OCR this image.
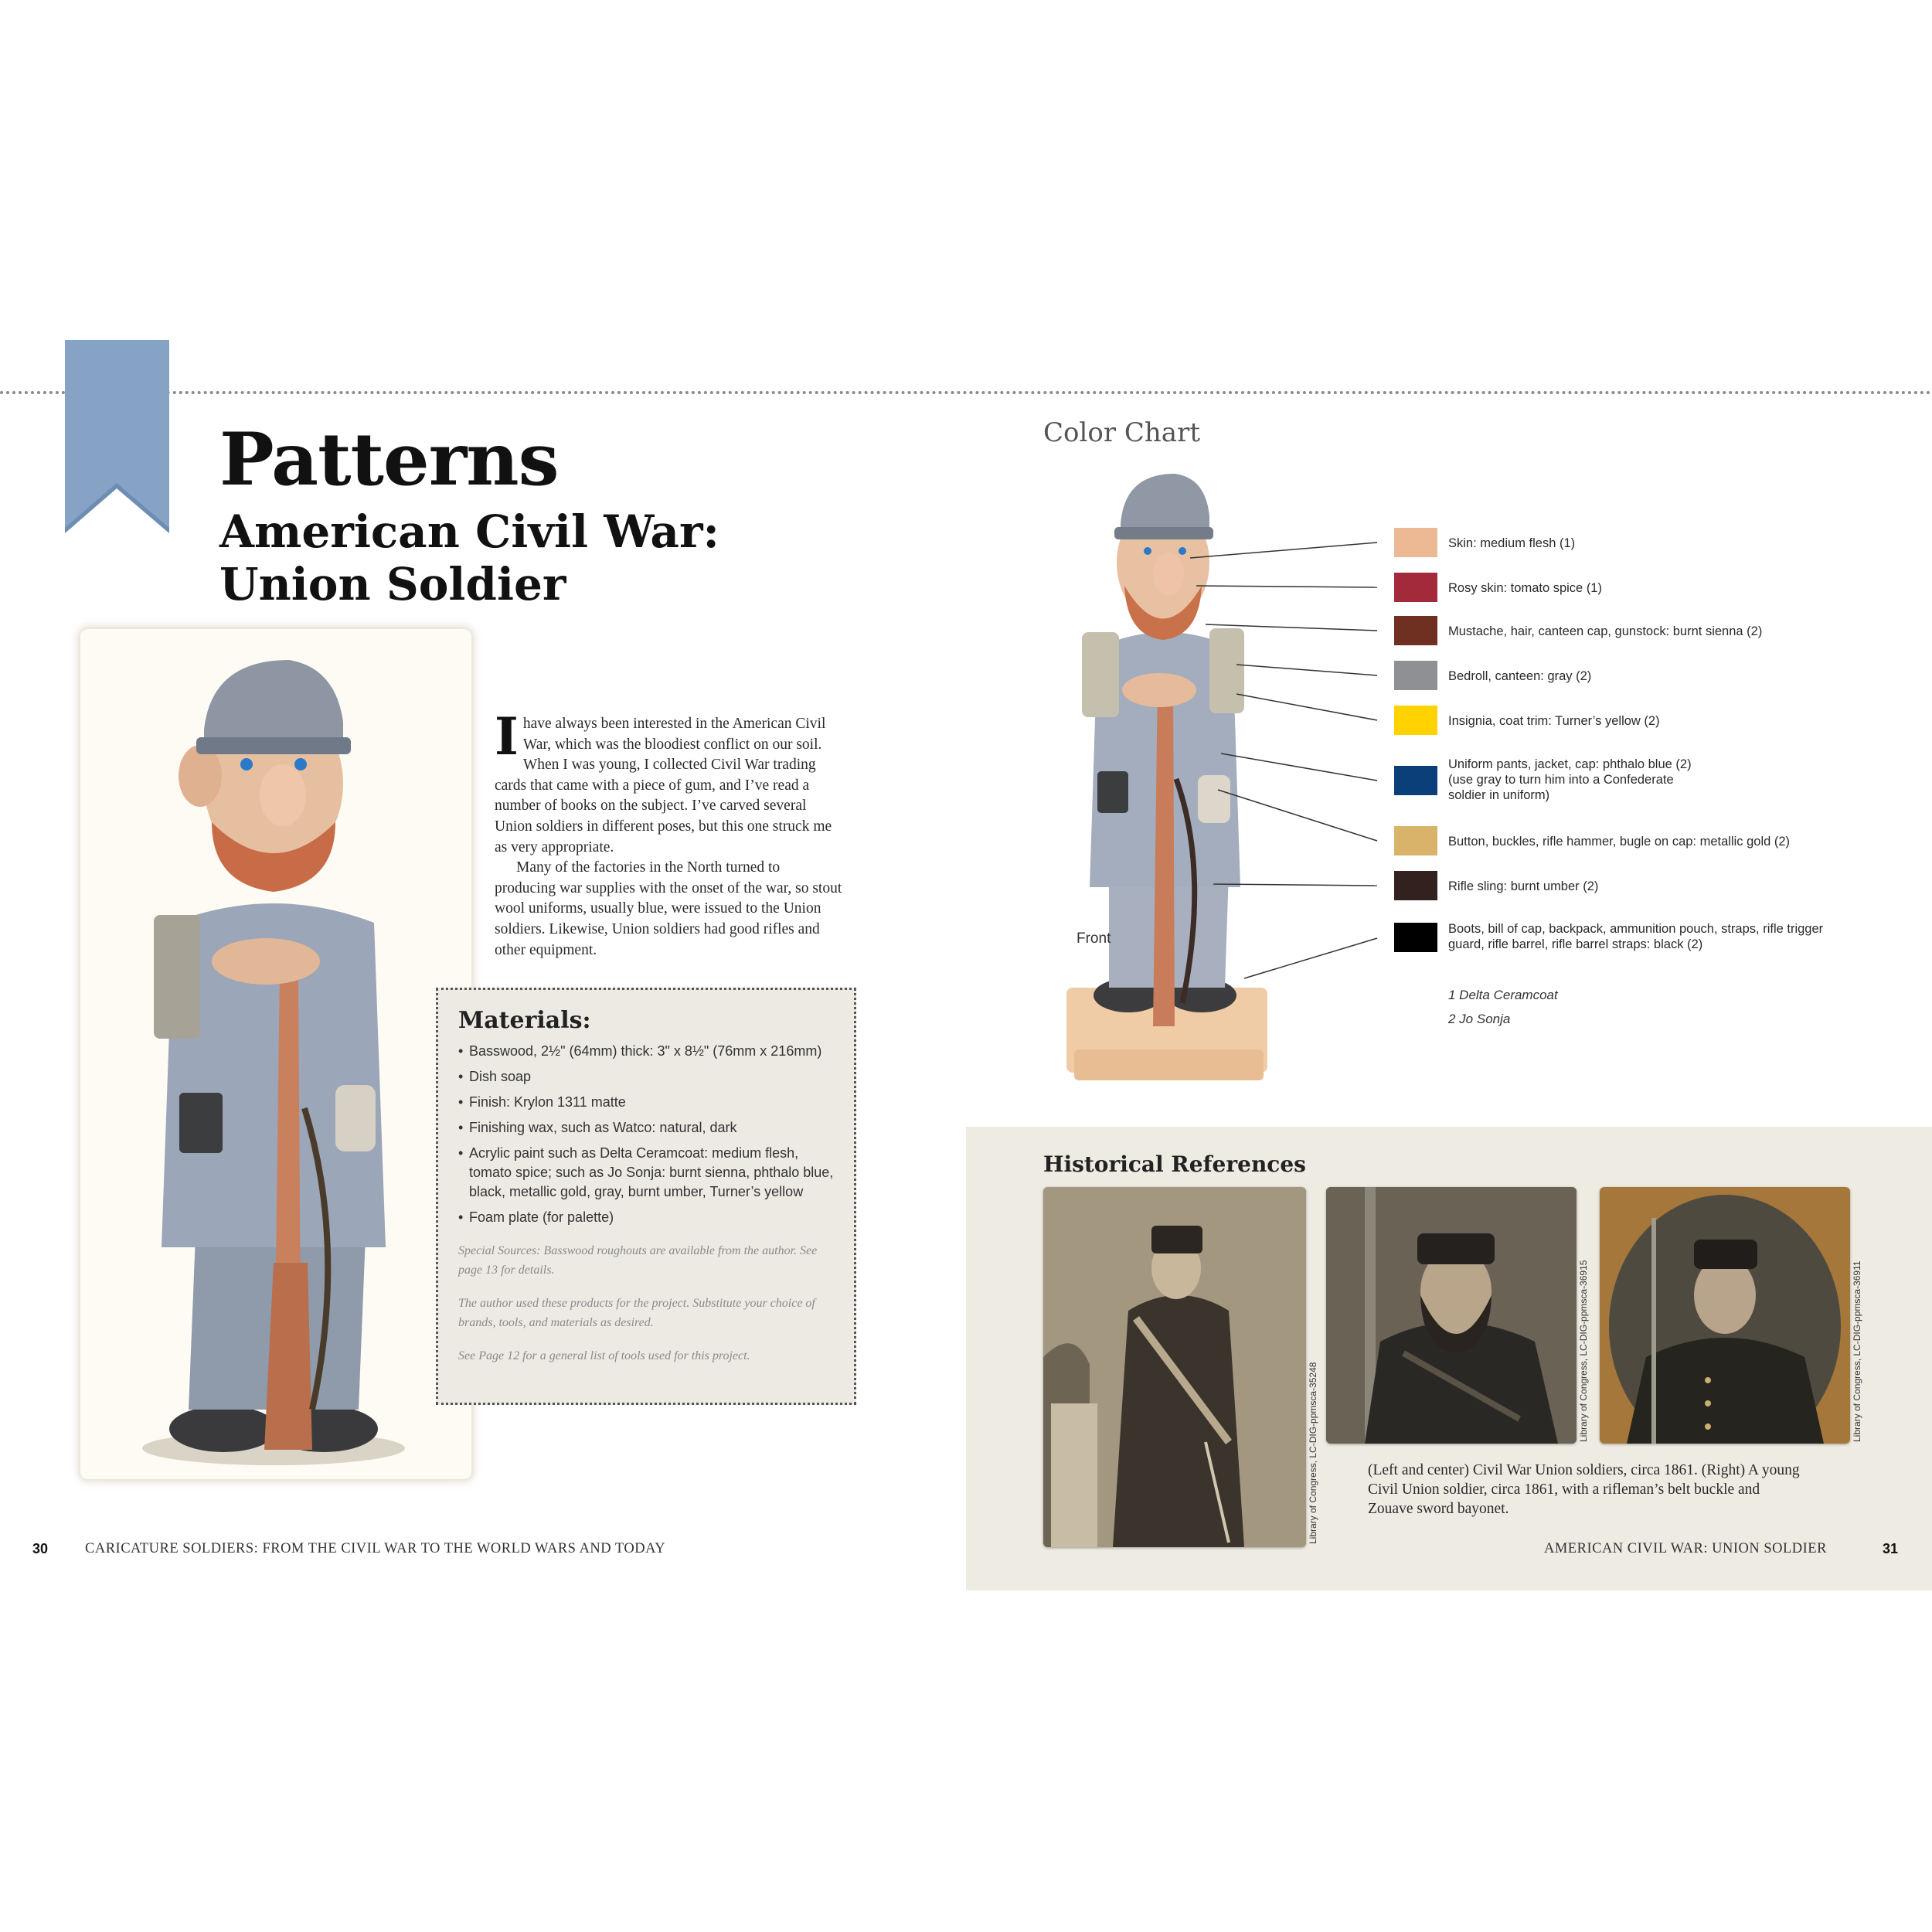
Patterns
American Civil War:
Union Soldier

Ihave always been interested in the American Civil War, which was the bloodiest conflict on our soil. When I was young, I collected Civil War trading cards that came with a piece of gum, and I’ve read a number of books on the subject. I’ve carved several Union soldiers in different poses, but this one struck me as very appropriate.

Many of the factories in the North turned to producing war supplies with the onset of the war, so stout wool uniforms, usually blue, were issued to the Union soldiers. Likewise, Union soldiers had good rifles and other equipment.

Materials:
• Basswood, 2½" (64mm) thick: 3" x 8½" (76mm x 216mm)
• Dish soap
• Finish: Krylon 1311 matte
• Finishing wax, such as Watco: natural, dark
• Acrylic paint such as Delta Ceramcoat: medium flesh, tomato spice; such as Jo Sonja: burnt sienna, phthalo blue, black, metallic gold, gray, burnt umber, Turner’s yellow
• Foam plate (for palette)

Special Sources: Basswood roughouts are available from the author. See page 13 for details.

The author used these products for the project. Substitute your choice of brands, tools, and materials as desired.

See Page 12 for a general list of tools used for this project.

Color Chart
Front
Skin: medium flesh (1)
Rosy skin: tomato spice (1)
Mustache, hair, canteen cap, gunstock: burnt sienna (2)
Bedroll, canteen: gray (2)
Insignia, coat trim: Turner’s yellow (2)
Uniform pants, jacket, cap: phthalo blue (2) (use gray to turn him into a Confederate soldier in uniform)
Button, buckles, rifle hammer, bugle on cap: metallic gold (2)
Rifle sling: burnt umber (2)
Boots, bill of cap, backpack, ammunition pouch, straps, rifle trigger guard, rifle barrel, rifle barrel straps: black (2)
1 Delta Ceramcoat
2 Jo Sonja
Historical References
Library of Congress, LC-DIG-ppmsca-35248
Library of Congress, LC-DIG-ppmsca-36915	Library of Congress, LC-DIG-ppmsca-36911
(Left and center) Civil War Union soldiers, circa 1861. (Right) A young Civil Union soldier, circa 1861, with a rifleman’s belt buckle and Zouave sword bayonet.
30	CARICATURE SOLDIERS: FROM THE CIVIL WAR TO THE WORLD WARS AND TODAY	AMERICAN CIVIL WAR: UNION SOLDIER	31
